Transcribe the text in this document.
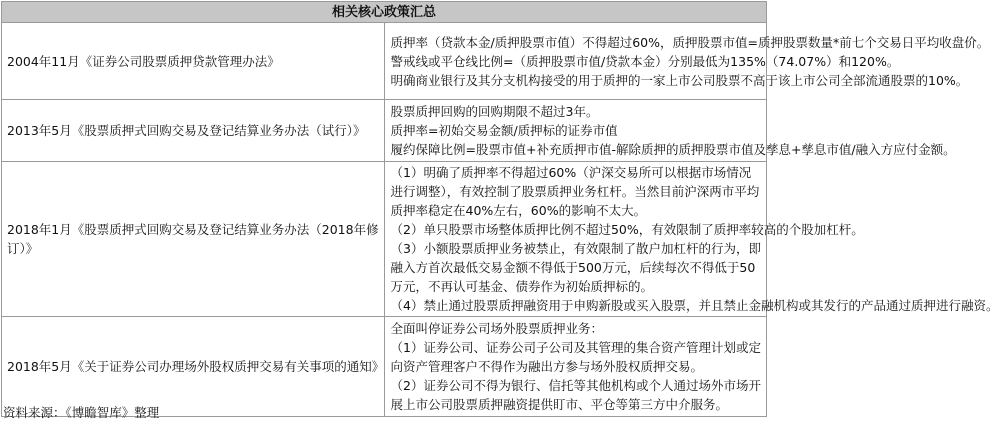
相关核心政策汇总	
2004年11月《证券公司股票质押贷款管理办法》	质押率（贷款本金/质押股票市值）不得超过60%，质押股票市值=质押股票数量*前七个交易日平均收盘价。
警戒线或平仓线比例=（质押股票市值/贷款本金）分别最低为135%（74.07%）和120%。
明确商业银行及其分支机构接受的用于质押的一家上市公司股票不高于该上市公司全部流通股票的10%。

2013年5月《股票质押式回购交易及登记结算业务办法（试行）》	股票质押回购的回购期限不超过3年。
质押率=初始交易金额/质押标的证券市值
履约保障比例=股票市值+补充质押市值-解除质押的质押股票市值及孳息+孳息市值/融入方应付金额。

2018年1月《股票质押式回购交易及登记结算业务办法（2018年修订）》	（1）明确了质押率不得超过60%（沪深交易所可以根据市场情况进行调整），有效控制了股票质押业务杠杆。当然目前沪深两市平均质押率稳定在40%左右，60%的影响不太大。
（2）单只股票市场整体质押比例不超过50%，有效限制了质押率较高的个股加杠杆。
（3）小额股票质押业务被禁止，有效限制了散户加杠杆的行为，即融入方首次最低交易金额不得低于500万元，后续每次不得低于50万元，不再认可基金、债券作为初始质押标的。
（4）禁止通过股票质押融资用于申购新股或买入股票，并且禁止金融机构或其发行的产品通过质押进行融资。

2018年5月《关于证券公司办理场外股权质押交易有关事项的通知》	全面叫停证券公司场外股票质押业务：
（1）证券公司、证券公司子公司及其管理的集合资产管理计划或定向资产管理客户不得作为融出方参与场外股权质押交易。
（2）证券公司不得为银行、信托等其他机构或个人通过场外市场开展上市公司股票质押融资提供盯市、平仓等第三方中介服务。
资料来源：《博瞻智库》整理
